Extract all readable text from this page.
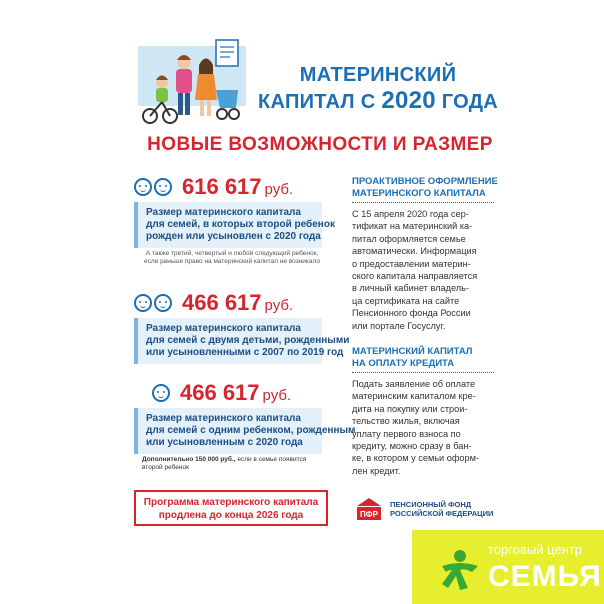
МАТЕРИНСКИЙ
КАПИТАЛ С 2020 ГОДА
НОВЫЕ ВОЗМОЖНОСТИ И РАЗМЕР
616 617 руб.
Размер материнского капитала
для семей, в которых второй ребенок
рожден или усыновлен с 2020 года
А также третий, четвертый и любой следующий ребенок,
если раньше право на материнский капитал не возникало
466 617 руб.
Размер материнского капитала
для семей с двумя детьми, рожденными
или усыновленными с 2007 по 2019 год
466 617 руб.
Размер материнского капитала
для семей с одним ребенком, рожденным
или усыновленным с 2020 года
Дополнительно 150 000 руб., если в семье появится
второй ребенок
ПРОАКТИВНОЕ ОФОРМЛЕНИЕ
МАТЕРИНСКОГО КАПИТАЛА
С 15 апреля 2020 года сер-
тификат на материнский ка-
питал оформляется семье
автоматически. Информация
о предоставлении материн-
ского капитала направляется
в личный кабинет владель-
ца сертификата на сайте
Пенсионного фонда России
или портале Госуслуг.
МАТЕРИНСКИЙ КАПИТАЛ
НА ОПЛАТУ КРЕДИТА
Подать заявление об оплате
материнским капиталом кре-
дита на покупку или строи-
тельство жилья, включая
уплату первого взноса по
кредиту, можно сразу в бан-
ке, в котором у семьи оформ-
лен кредит.
Программа материнского капитала
продлена до конца 2026 года	ПФР
ПЕНСИОННЫЙ ФОНД
РОССИЙСКОЙ ФЕДЕРАЦИИ
торговый центр
СЕМЬЯ
